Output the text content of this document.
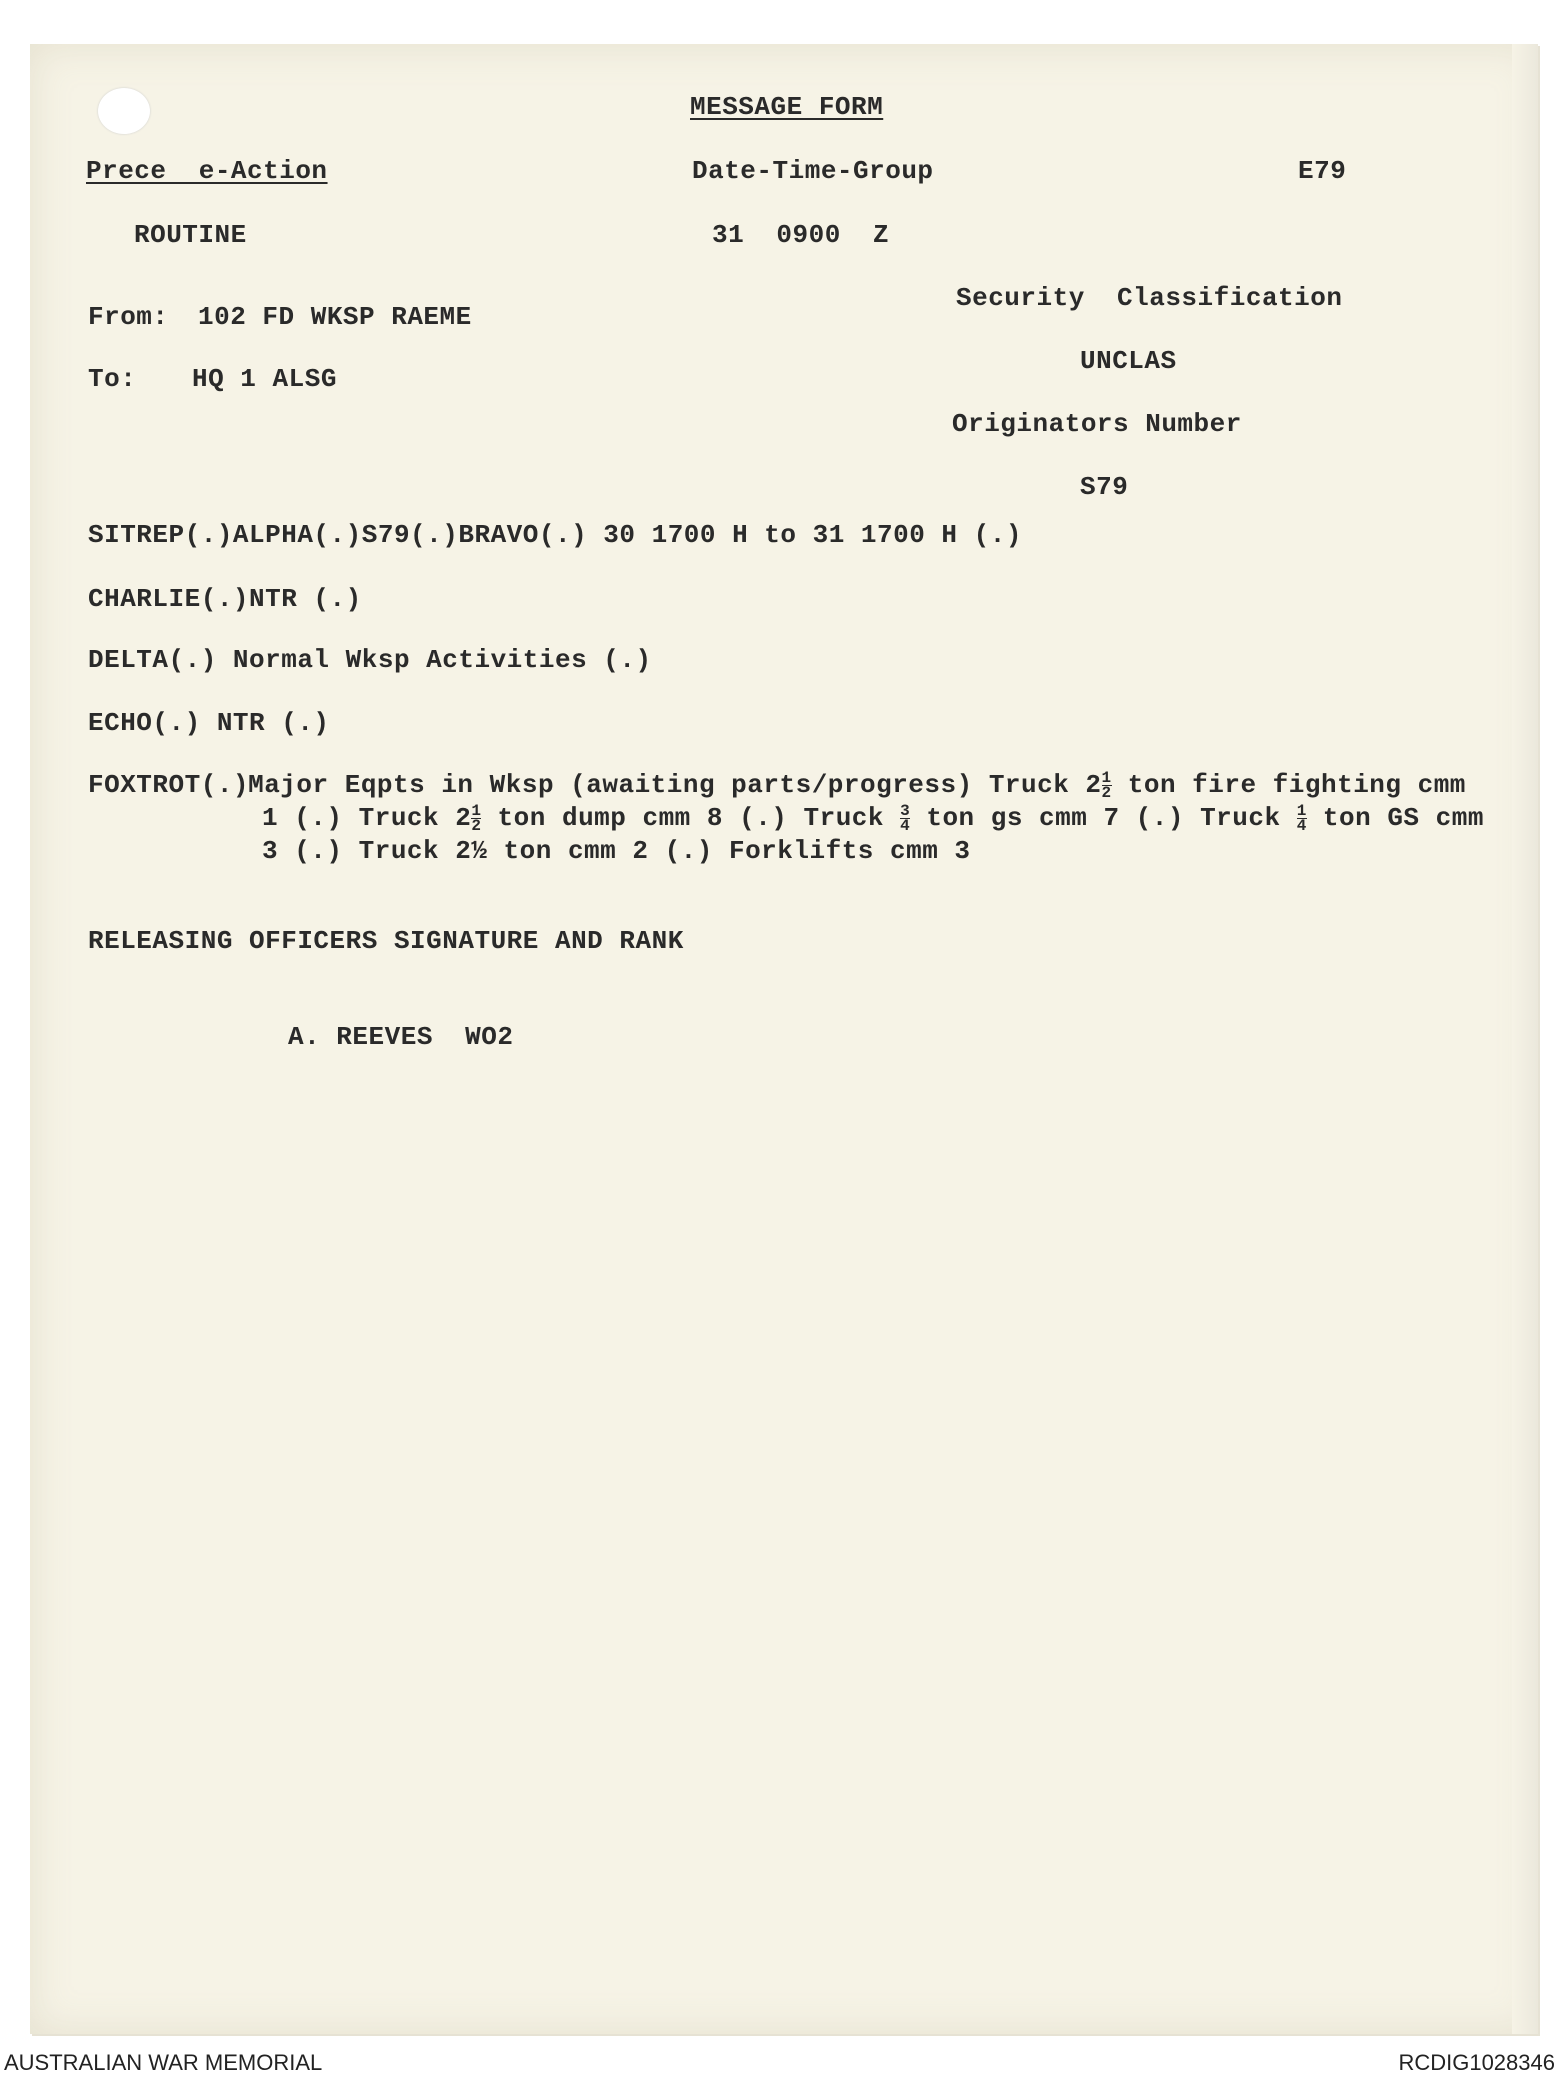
MESSAGE FORM
Prece  e-Action	Date-Time-Group	E79
ROUTINE	31  0900  Z
Security  Classification
From: 102 FD WKSP RAEME
UNCLAS
To: HQ 1 ALSG
Originators Number
S79
SITREP(.)ALPHA(.)S79(.)BRAVO(.) 30 1700 H to 31 1700 H (.)
CHARLIE(.)NTR (.)
DELTA(.) Normal Wksp Activities (.)
ECHO(.) NTR (.)
FOXTROT(.)
Major Eqpts in Wksp (awaiting parts/progress) Truck $2 \frac{1}{2}$ ton fire fighting cmm
1 (.) Truck $2 \frac{1}{2}$ ton dump cmm 8 (.) Truck $\frac{3}{4}$ ton gs cmm 7 (.) Truck $\frac{1}{4}$ ton GS cmm
3 (.) Truck 2½ ton cmm 2 (.) Forklifts cmm 3
RELEASING OFFICERS SIGNATURE AND RANK
A. REEVES  WO2
AUSTRALIAN WAR MEMORIAL	RCDIG1028346
